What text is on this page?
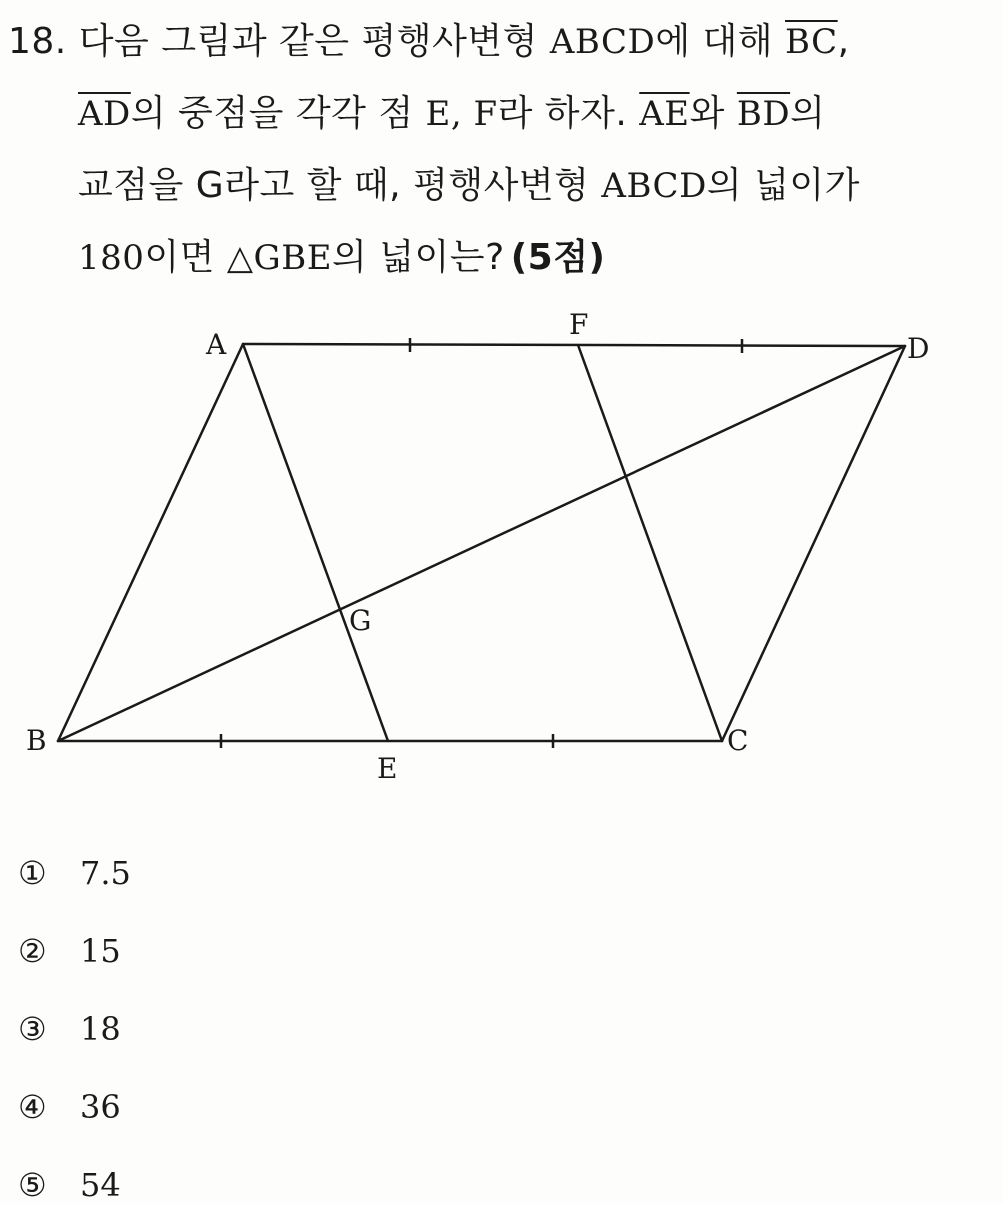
18. 다음 그림과 같은 평행사변형 ABCD에 대해 $\overline{BC}$,
$\overline{AD}$의 중점을 각각 점 E, F라 하자. $\overline{AE}$와 $\overline{BD}$의
교점을 G라고 할 때, 평행사변형 ABCD의 넓이가
180이면 △GBE의 넓이는? (5점)
A
F
D
G
B
E
C
①	7.5
②	15
③	18
④	36
⑤	54
